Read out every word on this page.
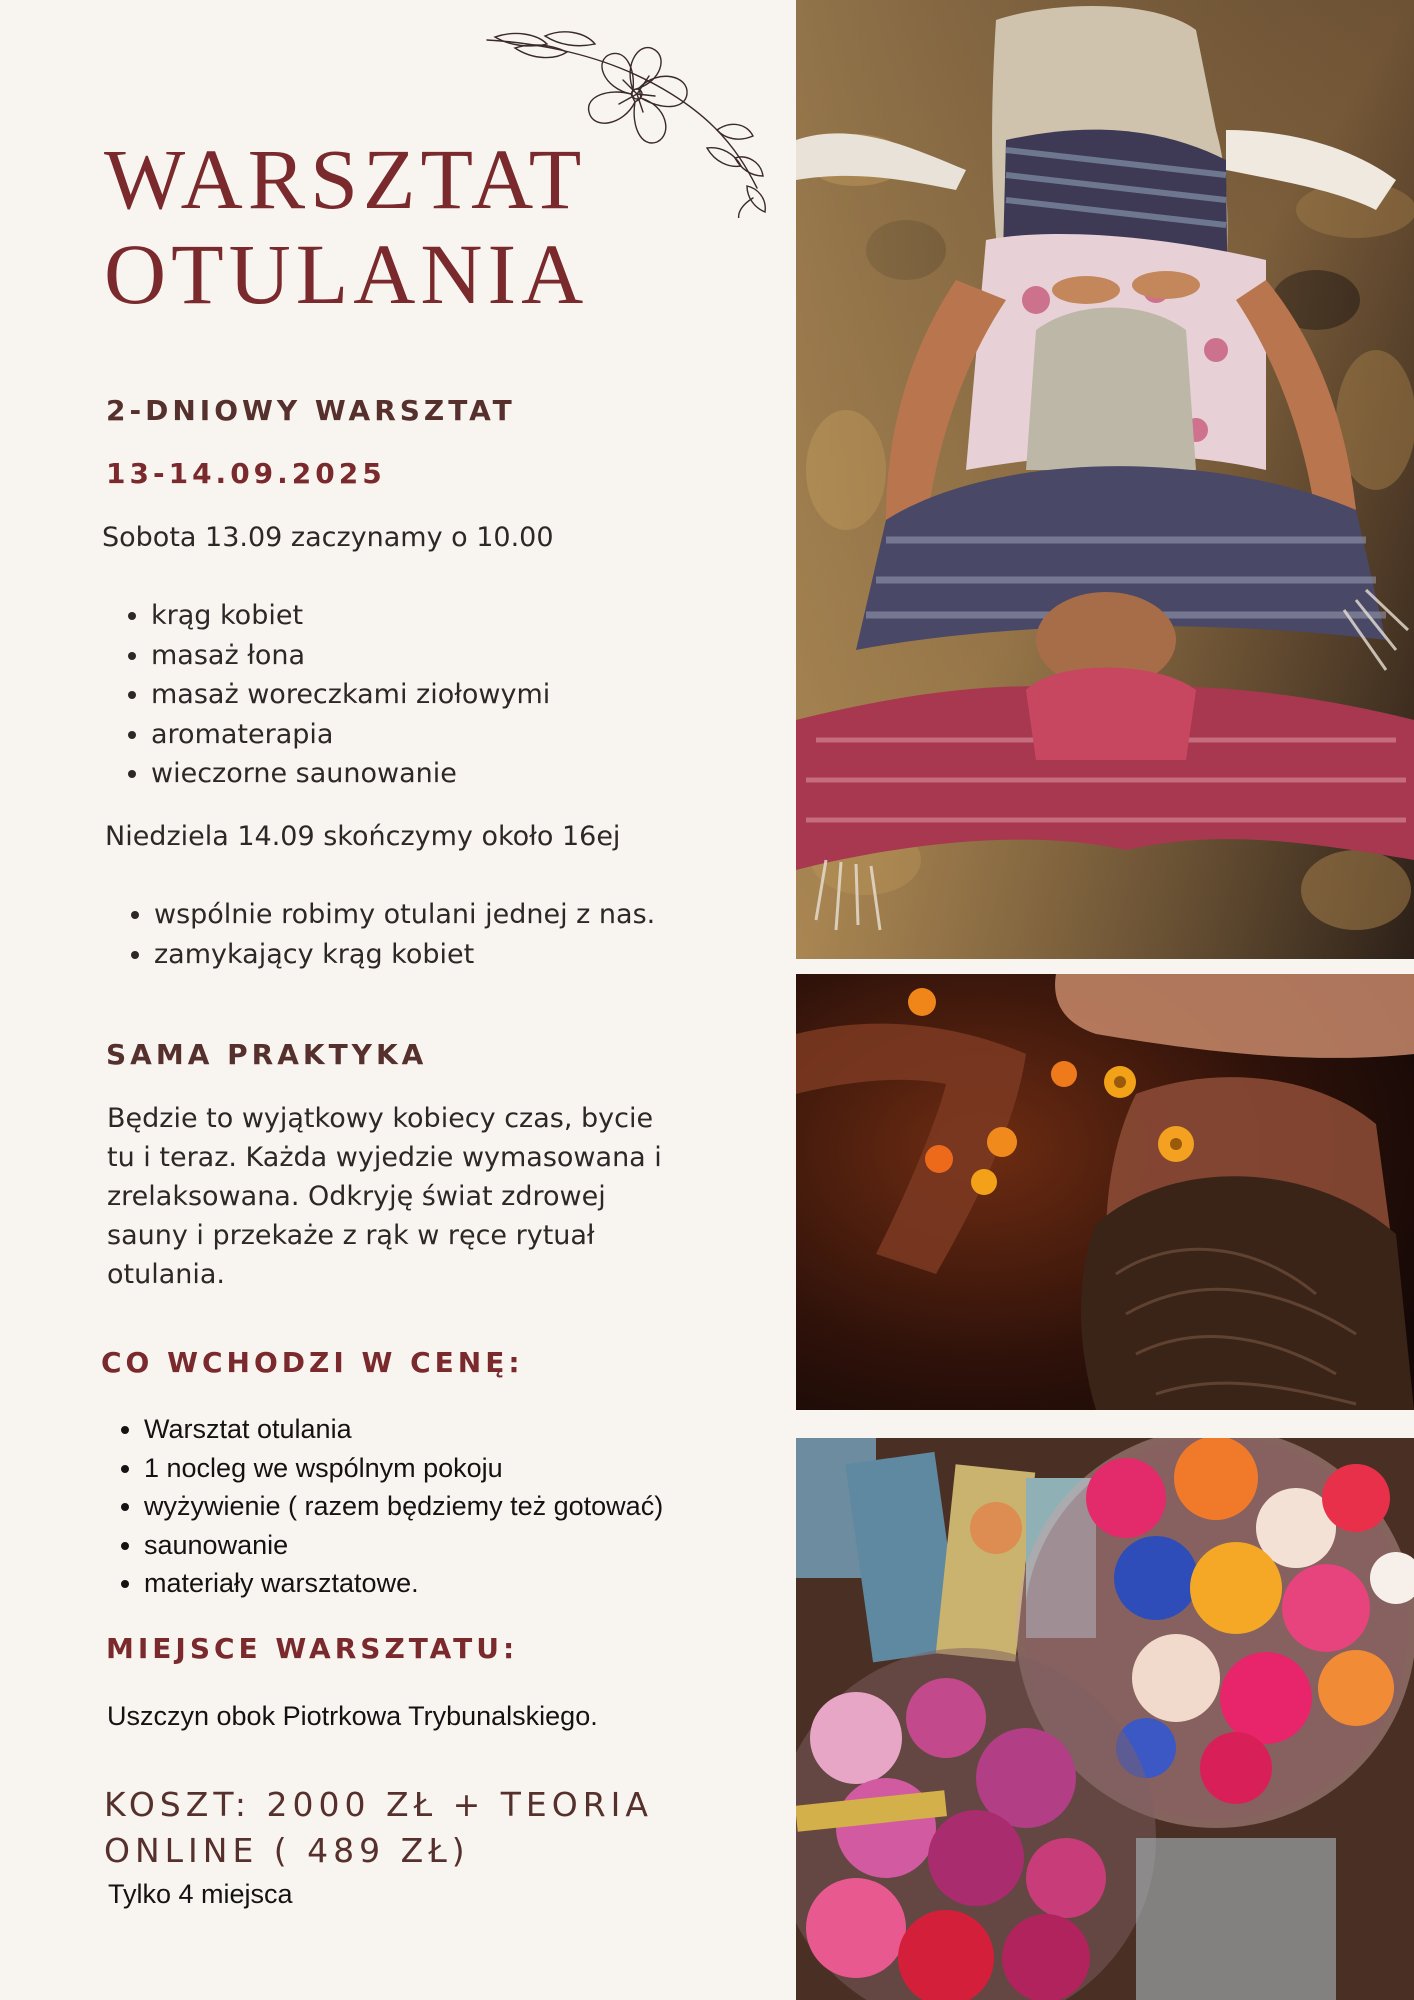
WARSZTAT
OTULANIA
2-DNIOWY WARSZTAT
13-14.09.2025

Sobota 13.09 zaczynamy o 10.00

• krąg kobiet
• masaż łona
• masaż woreczkami ziołowymi
• aromaterapia
• wieczorne saunowanie

Niedziela 14.09 skończymy około 16ej

• wspólnie robimy otulani jednej z nas.
• zamykający krąg kobiet
SAMA PRAKTYKA
Będzie to wyjątkowy kobiecy czas, bycie
tu i teraz. Każda wyjedzie wymasowana i
zrelaksowana. Odkryję świat zdrowej
sauny i przekaże z rąk w ręce rytuał
otulania.
CO WCHODZI W CENĘ:
• Warsztat otulania
• 1 nocleg we wspólnym pokoju
• wyżywienie ( razem będziemy też gotować)
• saunowanie
• materiały warsztatowe.
MIEJSCE WARSZTATU:

Uszczyn obok Piotrkowa Trybunalskiego.

KOSZT: 2000 ZŁ + TEORIA
ONLINE ( 489 ZŁ)

Tylko 4 miejsca
